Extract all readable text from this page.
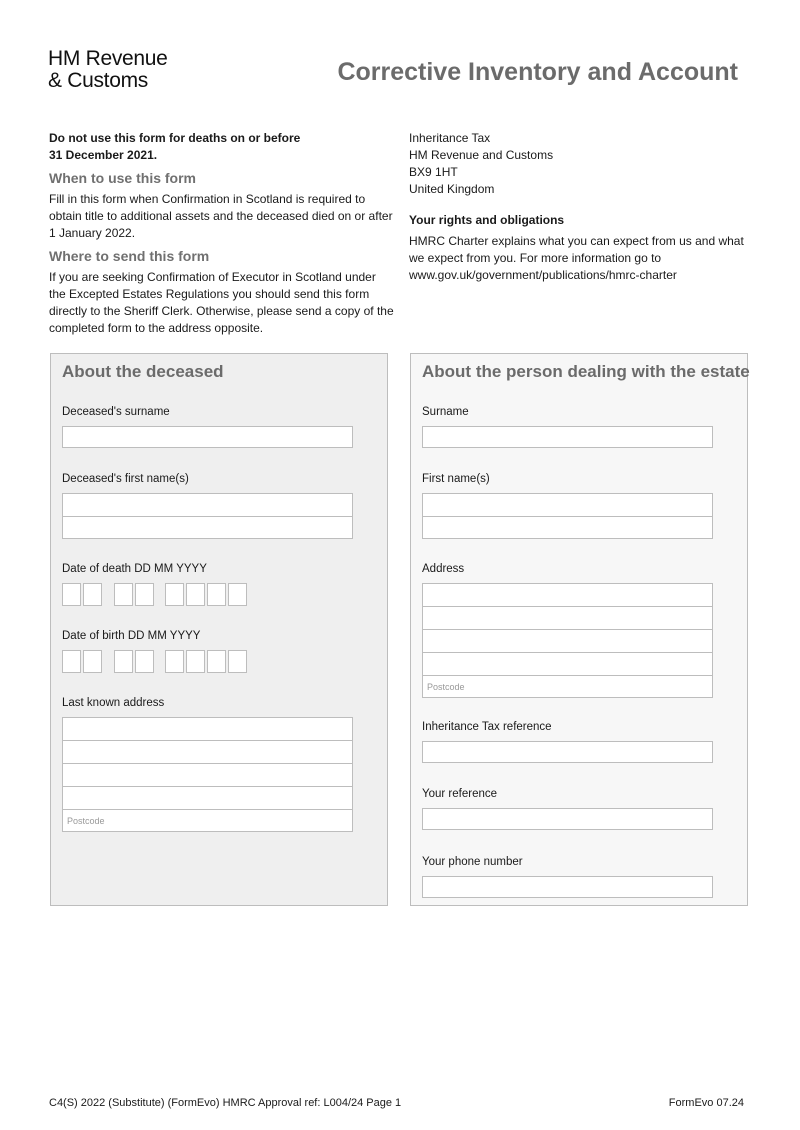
HM Revenue
& Customs	Corrective Inventory and Account

Do not use this form for deaths on or before

31 December 2021.

When to use this form

Fill in this form when Confirmation in Scotland is required to obtain title to additional assets and the deceased died on or after 1 January 2022.

Where to send this form

If you are seeking Confirmation of Executor in Scotland under the Excepted Estates Regulations you should send this form directly to the Sheriff Clerk. Otherwise, please send a copy of the completed form to the address opposite.

Inheritance Tax

HM Revenue and Customs

BX9 1HT

United Kingdom

Your rights and obligations

HMRC Charter explains what you can expect from us and what we expect from you. For more information go to www.gov.uk/government/publications/hmrc-charter

About the deceased
Deceased's surname
Deceased's first name(s)
Date of death DD MM YYYY
Date of birth DD MM YYYY
Last known address
Postcode
About the person dealing with the estate
Surname
First name(s)
Address
Postcode
Inheritance Tax reference
Your reference
Your phone number
C4(S) 2022 (Substitute) (FormEvo) HMRC Approval ref: L004/24 Page 1	FormEvo 07.24
